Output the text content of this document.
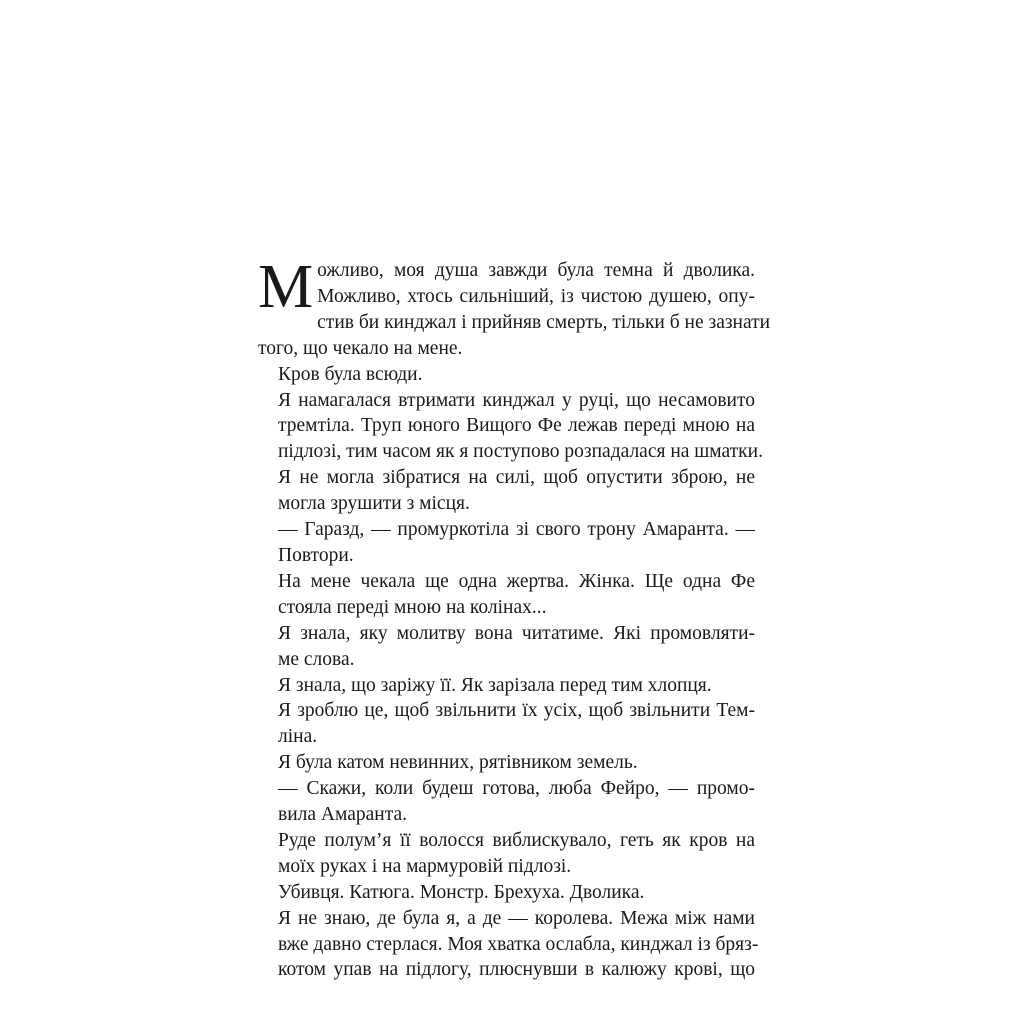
М ожливо, моя душа завжди була темна й дволика.
Можливо, хтось сильніший, із чистою душею, опу-
стив би кинджал і прийняв смерть, тільки б не зазнати
того, що чекало на мене.

Кров була всюди.

Я намагалася втримати кинджал у руці, що несамовито
тремтіла. Труп юного Вищого Фе лежав переді мною на
підлозі, тим часом як я поступово розпадалася на шматки.

Я не могла зібратися на силі, щоб опустити зброю, не
могла зрушити з місця.

— Гаразд, — промуркотіла зі свого трону Амаранта. —
Повтори.

На мене чекала ще одна жертва. Жінка. Ще одна Фе
стояла переді мною на колінах...

Я знала, яку молитву вона читатиме. Які промовляти-
ме слова.

Я знала, що заріжу її. Як зарізала перед тим хлопця.

Я зроблю це, щоб звільнити їх усіх, щоб звільнити Тем-
ліна.

Я була катом невинних, рятівником земель.

— Скажи, коли будеш готова, люба Фейро, — промо-
вила Амаранта.

Руде полум’я її волосся виблискувало, геть як кров на
моїх руках і на мармуровій підлозі.

Убивця. Катюга. Монстр. Брехуха. Дволика.

Я не знаю, де була я, а де — королева. Межа між нами
вже давно стерлася. Моя хватка ослабла, кинджал із бряз-
котом упав на підлогу, плюснувши в калюжу крові, що
